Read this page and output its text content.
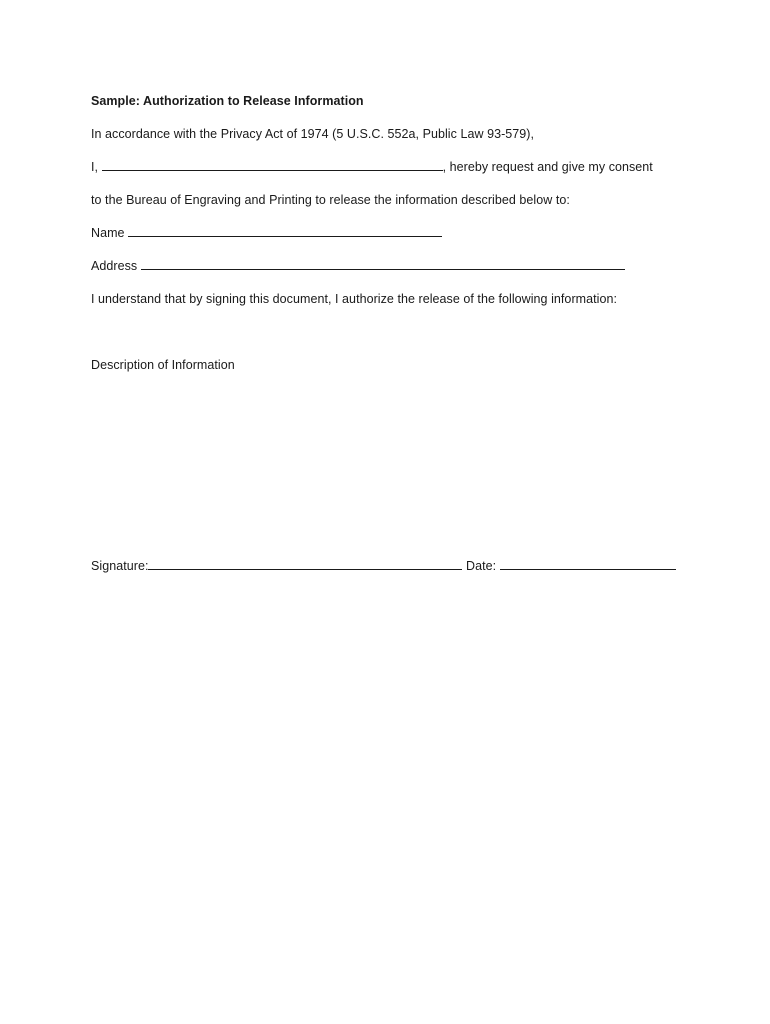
Sample: Authorization to Release Information
In accordance with the Privacy Act of 1974 (5 U.S.C. 552a, Public Law 93-579),
I,	, hereby request and give my consent
to the Bureau of Engraving and Printing to release the information described below to:
Name
Address
I understand that by signing this document, I authorize the release of the following information:
Description of Information
Signature:	Date:
